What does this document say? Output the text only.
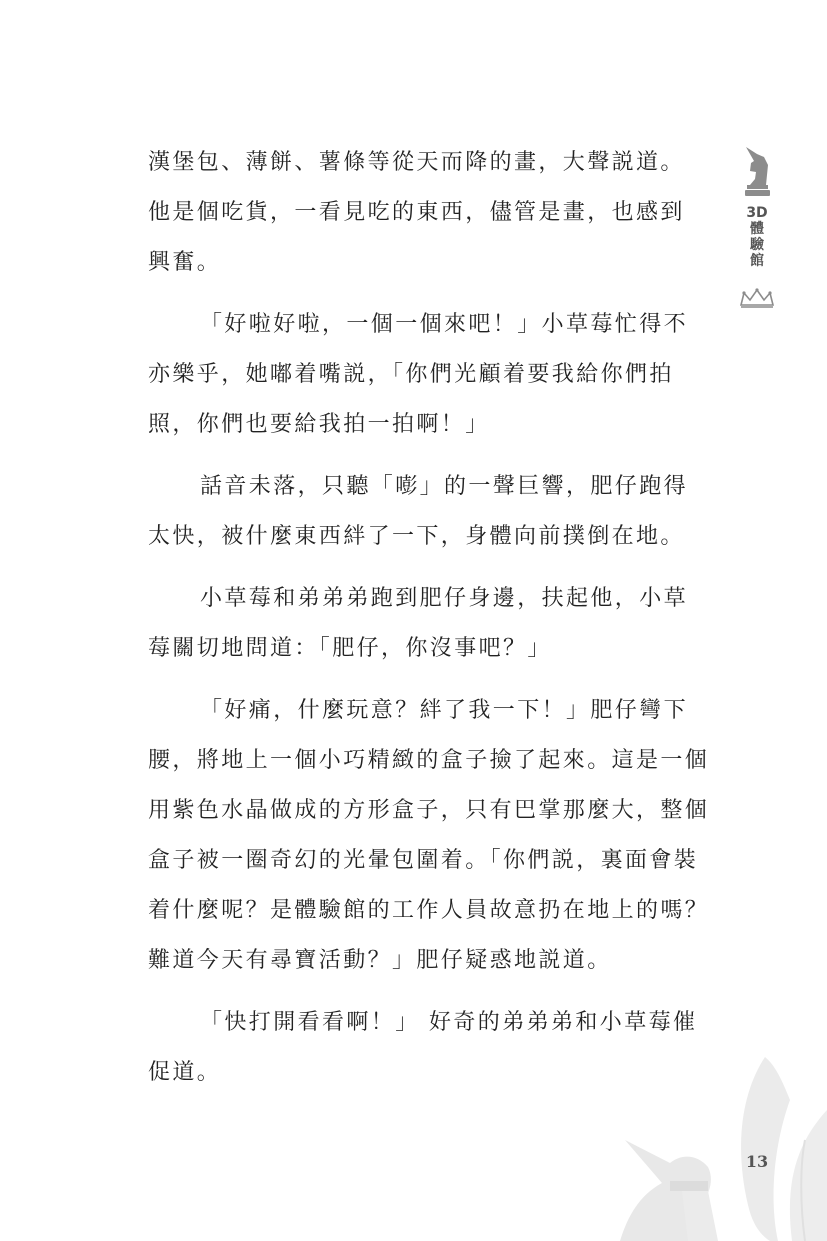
漢堡包、薄餅、薯條等從天而降的畫，大聲説道。
他是個吃貨，一看見吃的東西，儘管是畫，也感到
興奮。

「好啦好啦，一個一個來吧！」小草莓忙得不
亦樂乎，她嘟着嘴説，「你們光顧着要我給你們拍
照，你們也要給我拍一拍啊！」

話音未落，只聽「嘭」的一聲巨響，肥仔跑得
太快，被什麼東西絆了一下，身體向前撲倒在地。

小草莓和弟弟弟跑到肥仔身邊，扶起他，小草
莓關切地問道：「肥仔，你沒事吧？」

「好痛，什麼玩意？絆了我一下！」肥仔彎下
腰，將地上一個小巧精緻的盒子撿了起來。這是一個
用紫色水晶做成的方形盒子，只有巴掌那麼大，整個
盒子被一圈奇幻的光暈包圍着。「你們説，裏面會裝
着什麼呢？是體驗館的工作人員故意扔在地上的嗎？
難道今天有尋寶活動？」肥仔疑惑地説道。

「快打開看看啊！」 好奇的弟弟弟和小草莓催
促道。

3D
體
驗
館
13
